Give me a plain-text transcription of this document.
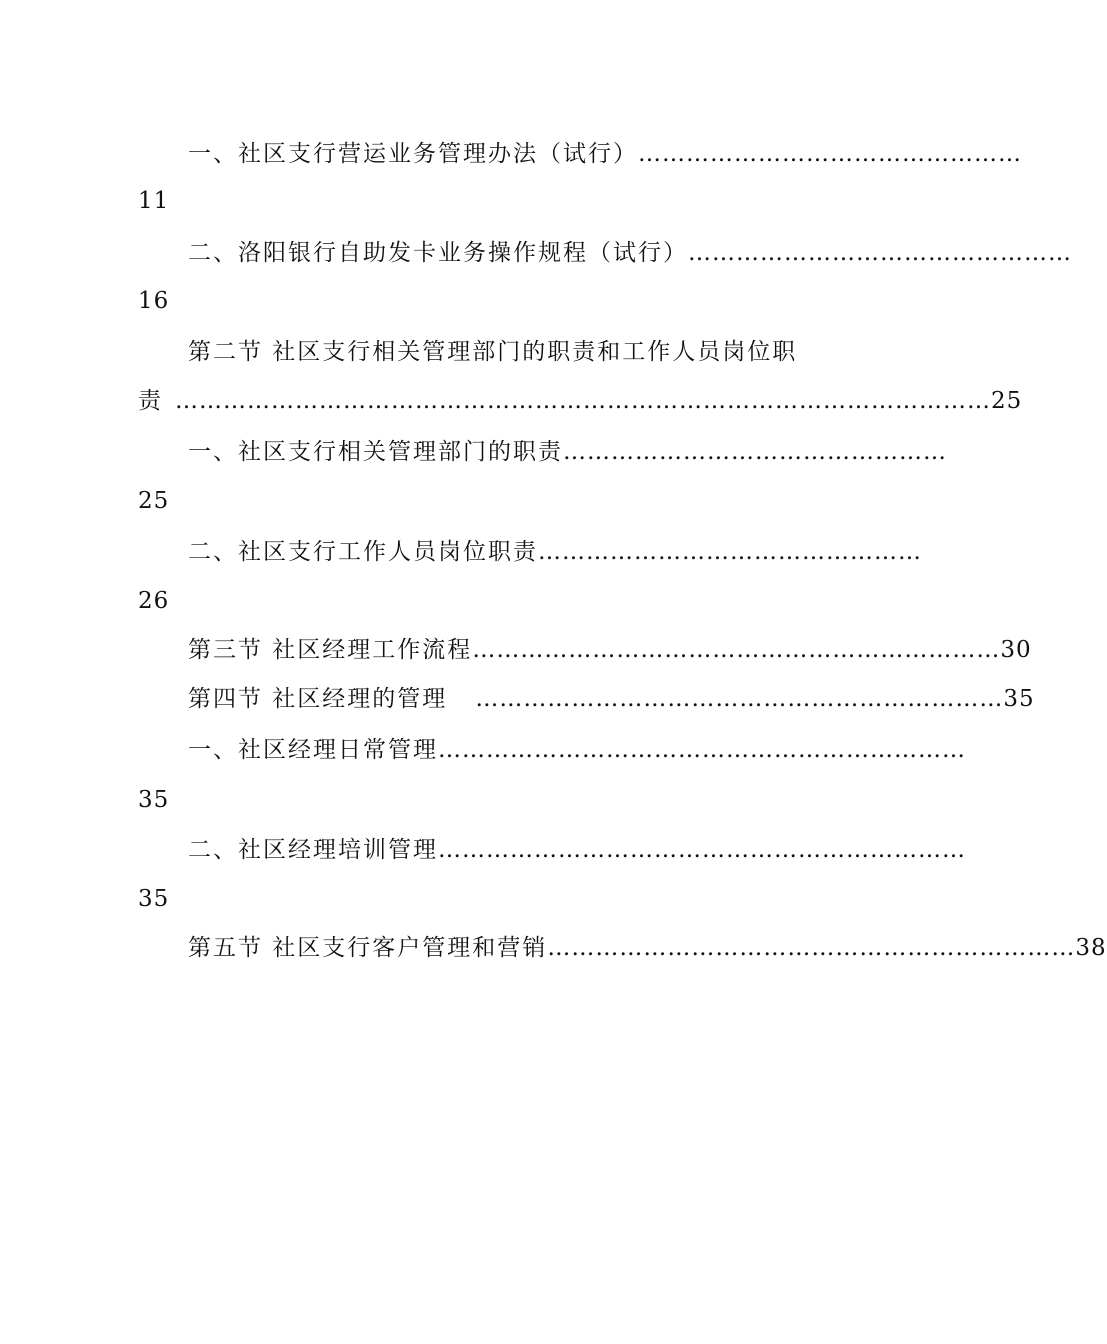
一、社区支行营运业务管理办法（试行） …………………………………………
11
二、洛阳银行自助发卡业务操作规程（试行） …………………………………………
16
第二节 社区支行相关管理部门的职责和工作人员岗位职
责 ………………………………………………………………………………………… 25
一、社区支行相关管理部门的职责 …………………………………………
25
二、社区支行工作人员岗位职责 …………………………………………
26
第三节 社区经理工作流程 ………………………………………………………… 30
第四节 社区经理的管理	………………………………………………………… 35
一、社区经理日常管理 …………………………………………………………
35
二、社区经理培训管理 …………………………………………………………
35
第五节 社区支行客户管理和营销 ………………………………………………………… 38
